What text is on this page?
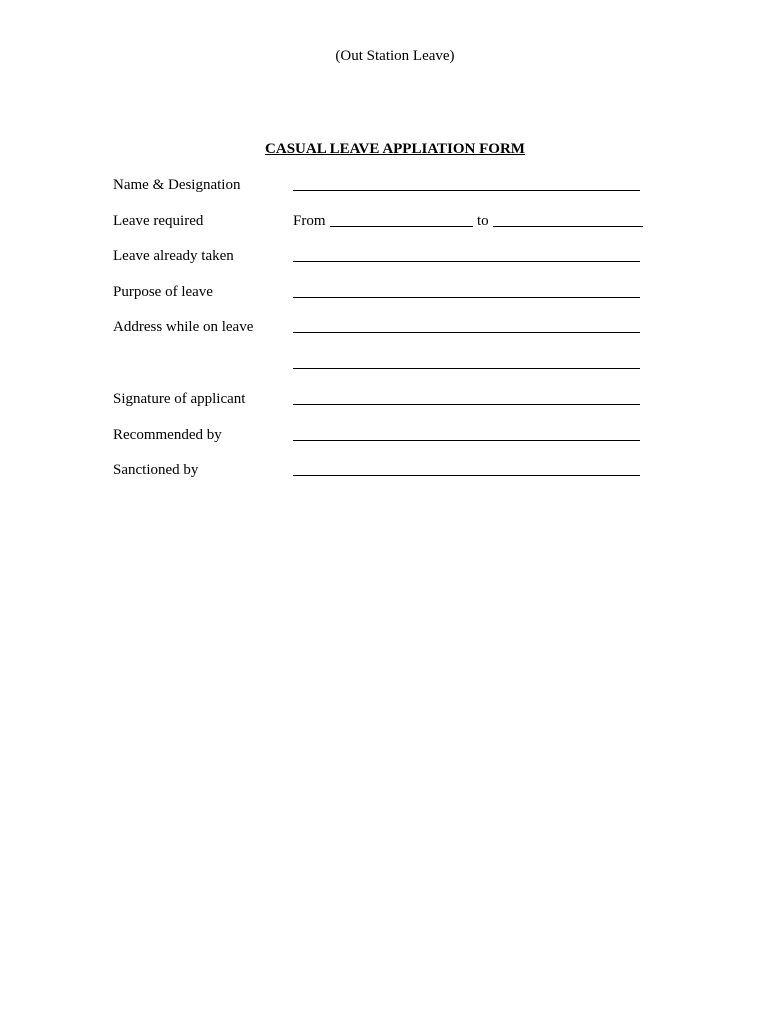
(Out Station Leave)
CASUAL LEAVE APPLIATION FORM
Name & Designation
Leave required	From	to
Leave already taken
Purpose of leave
Address while on leave
Signature of applicant
Recommended by
Sanctioned by
